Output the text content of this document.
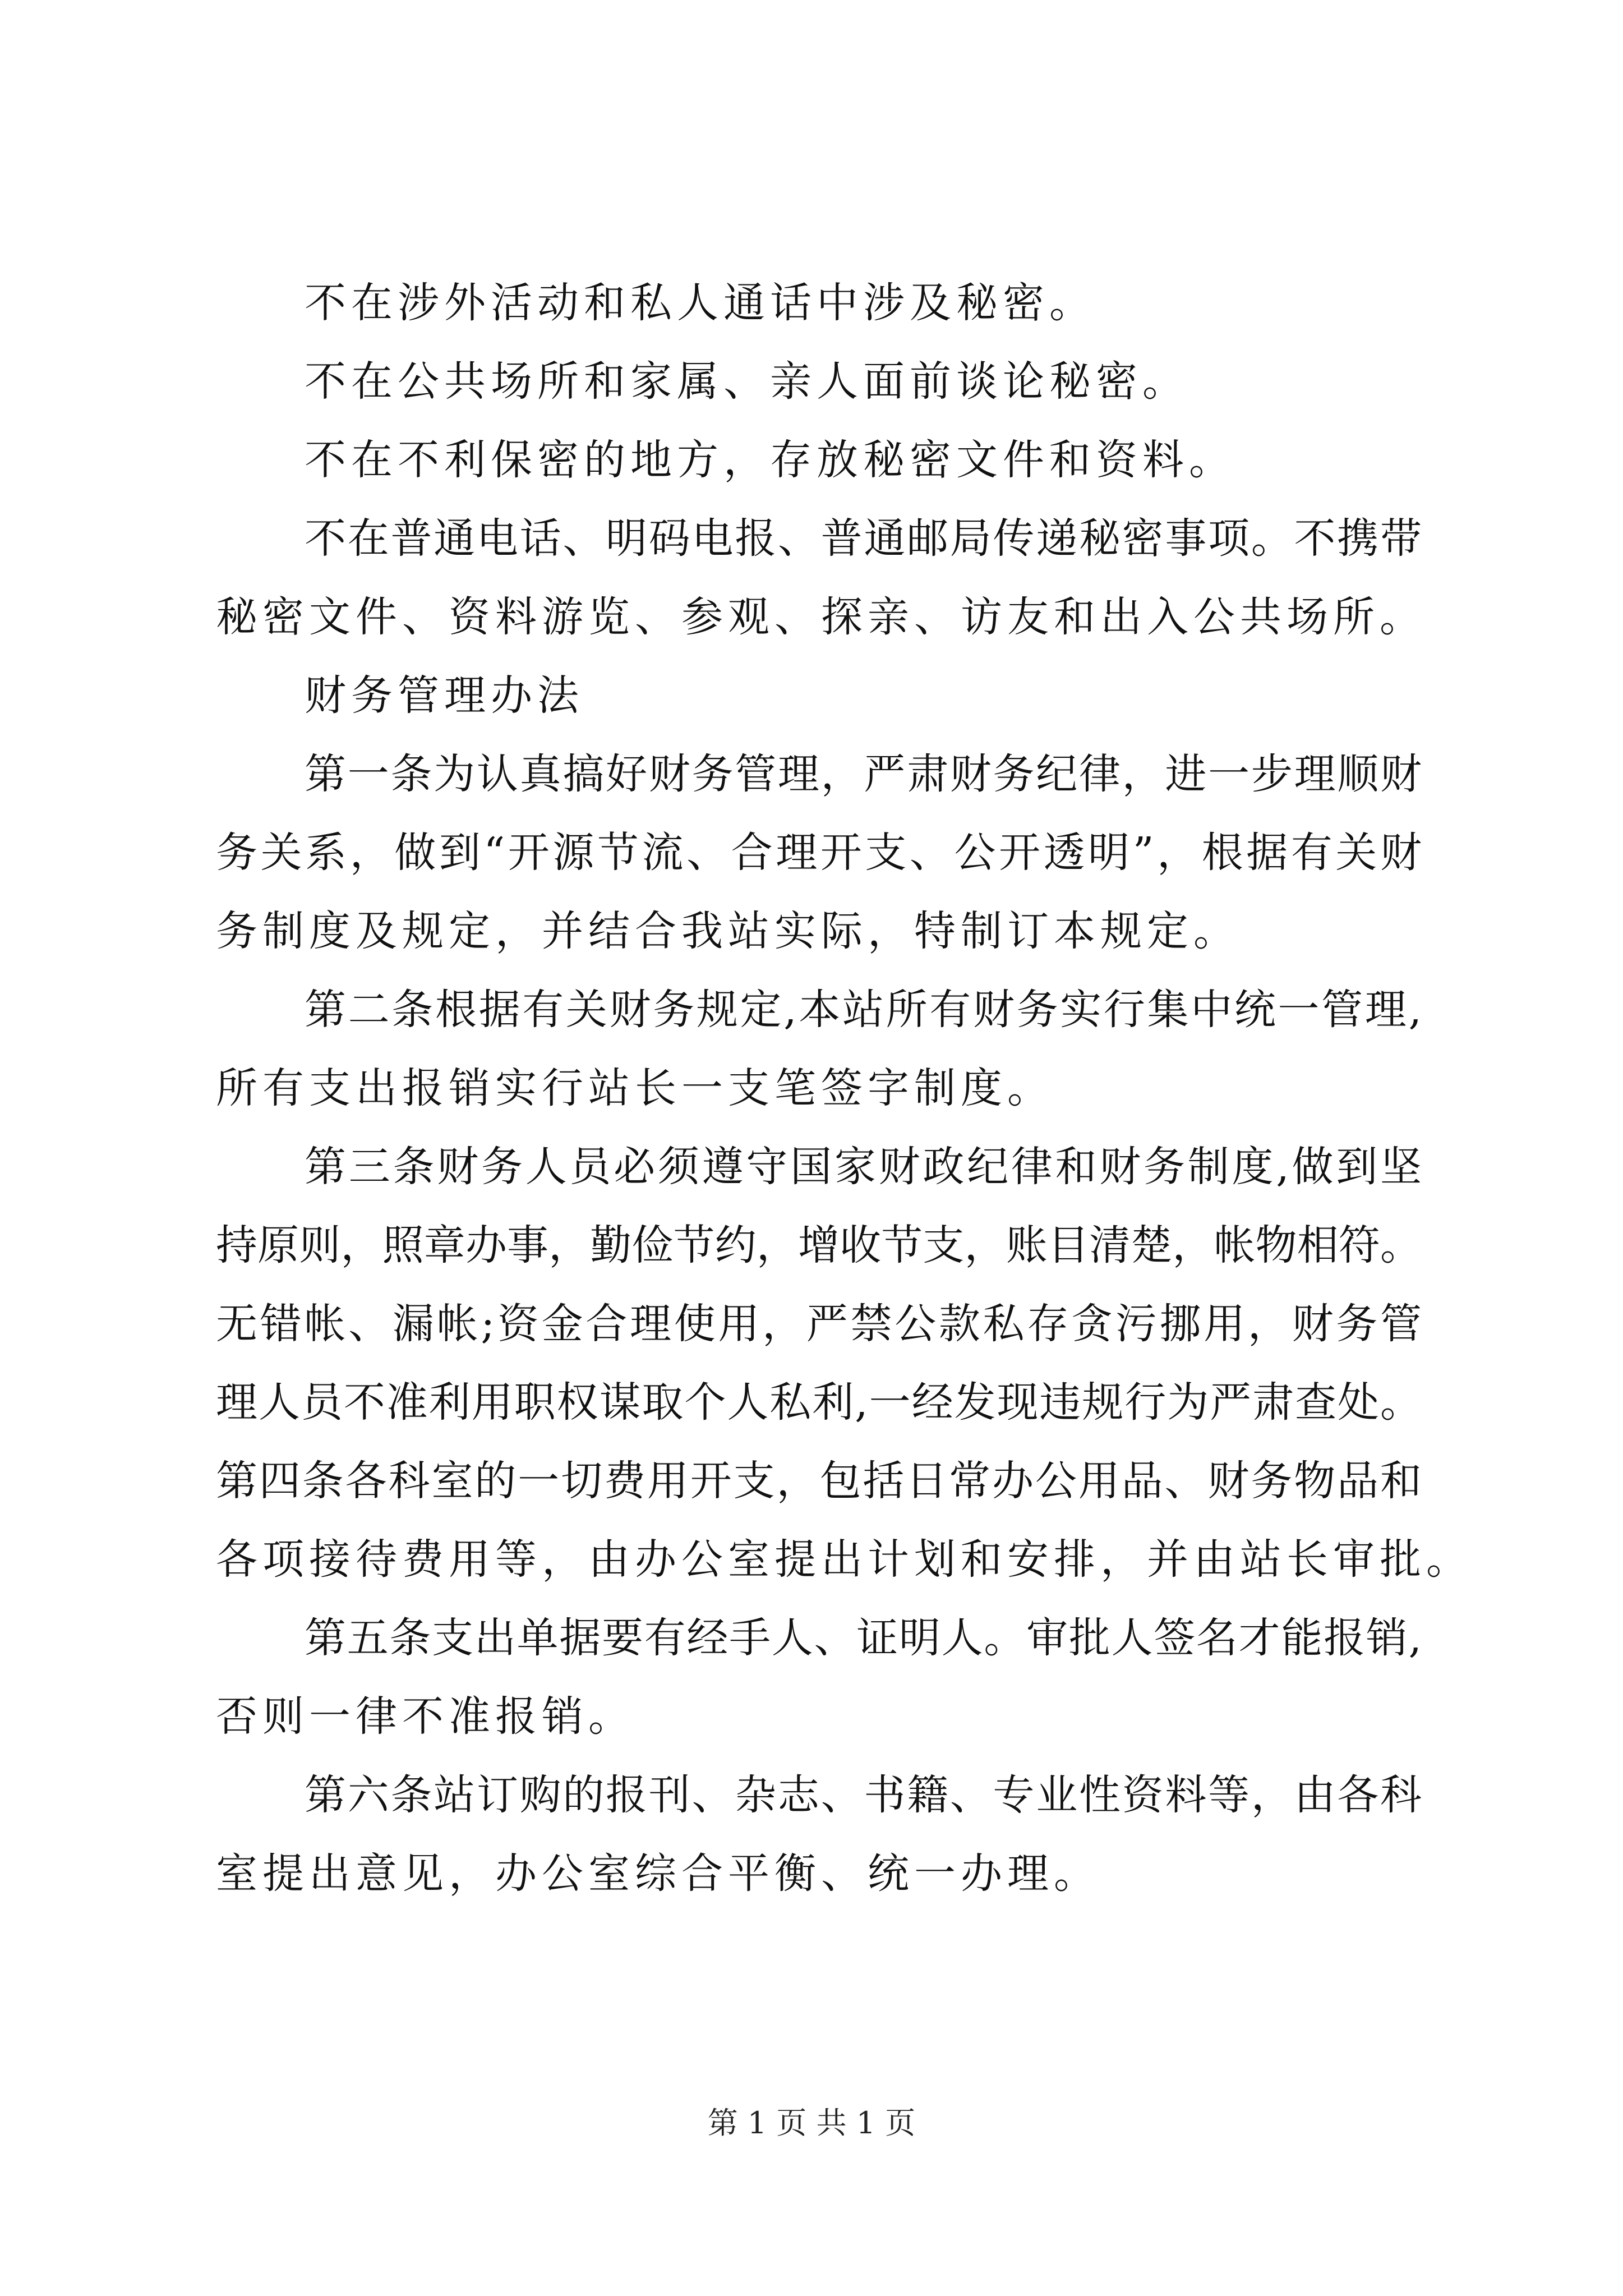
不在涉外活动和私人通话中涉及秘密。
不在公共场所和家属、亲人面前谈论秘密。
不在不利保密的地方，存放秘密文件和资料。
不在普通电话、明码电报、普通邮局传递秘密事项。不携带
秘密文件、资料游览、参观、探亲、访友和出入公共场所。
财务管理办法
第一条为认真搞好财务管理，严肃财务纪律，进一步理顺财
务关系，做到“开源节流、合理开支、公开透明”，根据有关财
务制度及规定，并结合我站实际，特制订本规定。
第二条根据有关财务规定,本站所有财务实行集中统一管理,
所有支出报销实行站长一支笔签字制度。
第三条财务人员必须遵守国家财政纪律和财务制度,做到坚
持原则，照章办事，勤俭节约，增收节支，账目清楚，帐物相符。
无错帐、漏帐;资金合理使用，严禁公款私存贪污挪用，财务管
理人员不准利用职权谋取个人私利,一经发现违规行为严肃查处。
第四条各科室的一切费用开支，包括日常办公用品、财务物品和
各项接待费用等，由办公室提出计划和安排，并由站长审批。
第五条支出单据要有经手人、证明人。审批人签名才能报销,
否则一律不准报销。
第六条站订购的报刊、杂志、书籍、专业性资料等，由各科
室提出意见，办公室综合平衡、统一办理。
第 1 页 共 1 页
